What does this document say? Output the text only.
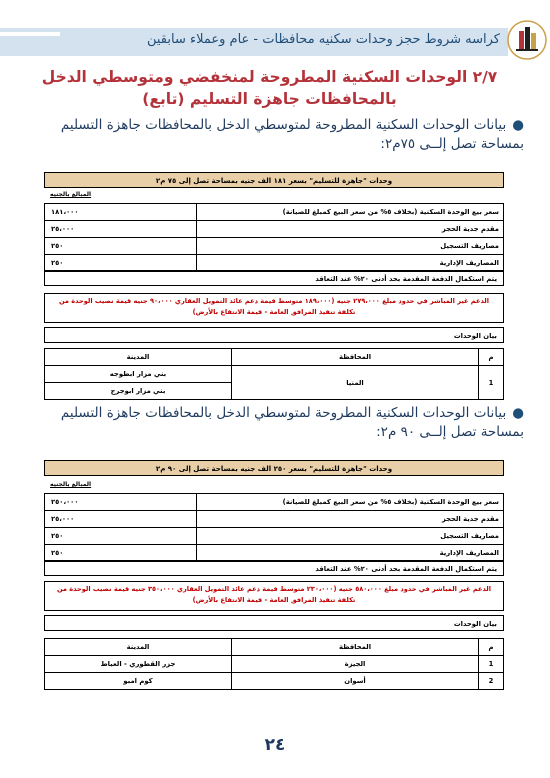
كراسه شروط حجز وحدات سكنيه محافظات - عام وعملاء سابقين
٢/٧ الوحدات السكنية المطروحة لمنخفضي ومتوسطي الدخل بالمحافظات جاهزة التسليم (تابع)
●بيانات الوحدات السكنية المطروحة لمتوسطي الدخل بالمحافظات جاهزة التسليم بمساحة تصل إلــى ٧٥م٢:
وحدات "جاهزة للتسليم" بسعر ١٨١ الف جنيه بمساحة تصل إلى ٧٥ م٢
المبالغ بالجنيه
سعر بيع الوحدة السكنية (بخلاف ٥% من سعر البيع كمبلغ للصيانة)	١٨١،٠٠٠
مقدم جدية الحجز	٢٥،٠٠٠
مصاريف التسجيل	٢٥٠
المصاريف الإدارية	٢٥٠
يتم استكمال الدفعة المقدمة بحد أدنى ٢٠% عند التعاقد
الدعم غير المباشر في حدود مبلغ ٢٧٩،٠٠٠ جنيه (١٨٩،٠٠٠ متوسط قيمة دعم عائد التمويل العقاري ٩٠،٠٠٠ جنيه قيمة نصيب الوحدة من تكلفة تنفيذ المرافق العامة - قيمة الانتفاع بالأرض)
بيان الوحدات
م	المحافظة	المدينة
1	المنيا	بني مزار ابطوجه
		بني مزار ابوجرج
●بيانات الوحدات السكنية المطروحة لمتوسطي الدخل بالمحافظات جاهزة التسليم بمساحة تصل إلــى ٩٠ م٢:
وحدات "جاهزة للتسليم" بسعر ٢٥٠ الف جنيه بمساحة تصل إلى ٩٠ م٢
المبالغ بالجنيه
سعر بيع الوحدة السكنية (بخلاف ٥% من سعر البيع كمبلغ للصيانة)	٢٥٠،٠٠٠
مقدم جدية الحجز	٢٥،٠٠٠
مصاريف التسجيل	٢٥٠
المصاريف الإدارية	٢٥٠
يتم استكمال الدفعة المقدمة بحد أدنى ٢٠% عند التعاقد
الدعم غير المباشر في حدود مبلغ ٥٨٠،٠٠٠ جنيه (٢٣٠،٠٠٠ متوسط قيمة دعم عائد التمويل العقاري ٣٥٠،٠٠٠ جنيه قيمة نصيب الوحدة من تكلفة تنفيذ المرافق العامة - قيمة الانتفاع بالأرض)
بيان الوحدات
م	المحافظة	المدينة
1	الجيزة	جزر القطوري - العياط
2	أسوان	كوم امبو
٢٤
